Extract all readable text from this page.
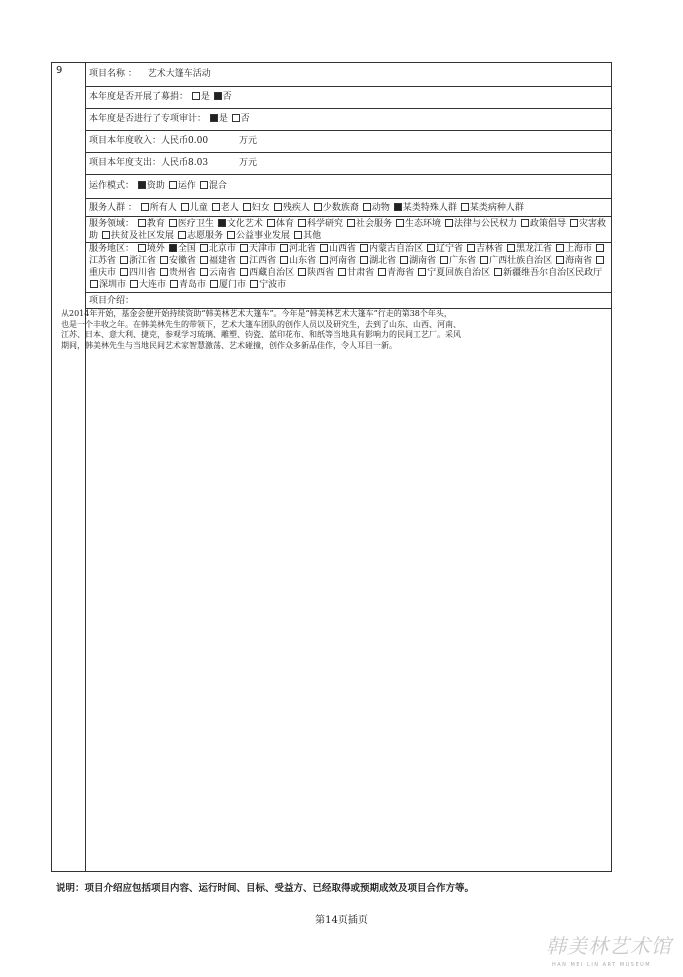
9	项目名称 ： 艺术大篷车活动
本年度是否开展了募捐： 是 否
本年度是否进行了专项审计： 是 否
项目本年度收入：人民币0.00	万元
项目本年度支出：人民币8.03	万元
运作模式： 资助 运作 混合
服务人群 ： 所有人 儿童 老人 妇女 残疾人 少数族裔 动物 某类特殊人群 某类病种人群
服务领域： 教育 医疗卫生 文化艺术 体育 科学研究 社会服务 生态环境 法律与公民权力 政策倡导 灾害救助 扶贫及社区发展 志愿服务 公益事业发展 其他
服务地区： 境外 全国 北京市 天津市 河北省 山西省 内蒙古自治区 辽宁省 吉林省 黑龙江省 上海市江苏省 浙江省 安徽省 福建省 江西省 山东省 河南省 湖北省 湖南省 广东省 广西壮族自治区 海南省重庆市 四川省 贵州省 云南省 西藏自治区 陕西省 甘肃省 青海省 宁夏回族自治区 新疆维吾尔自治区民政厅深圳市 大连市 青岛市 厦门市 宁波市
项目介绍：

从2014年开始，基金会便开始持续资助“韩美林艺术大篷车”。今年是“韩美林艺术大篷车”行走的第38个年头，

也是一个丰收之年。在韩美林先生的带领下，艺术大篷车团队的创作人员以及研究生，去到了山东、山西、河南、

江苏、日本、意大利、捷克，参观学习琉璃、雕塑、钧瓷、蓝印花布、和纸等当地具有影响力的民间工艺厂。采风

期间，韩美林先生与当地民间艺术家智慧激荡、艺术碰撞，创作众多新品佳作，令人耳目一新。

说明：项目介绍应包括项目内容、运行时间、目标、受益方、已经取得或预期成效及项目合作方等。
第14页插页
韩美林艺术馆
HAN MEI LIN ART MUSEUM
